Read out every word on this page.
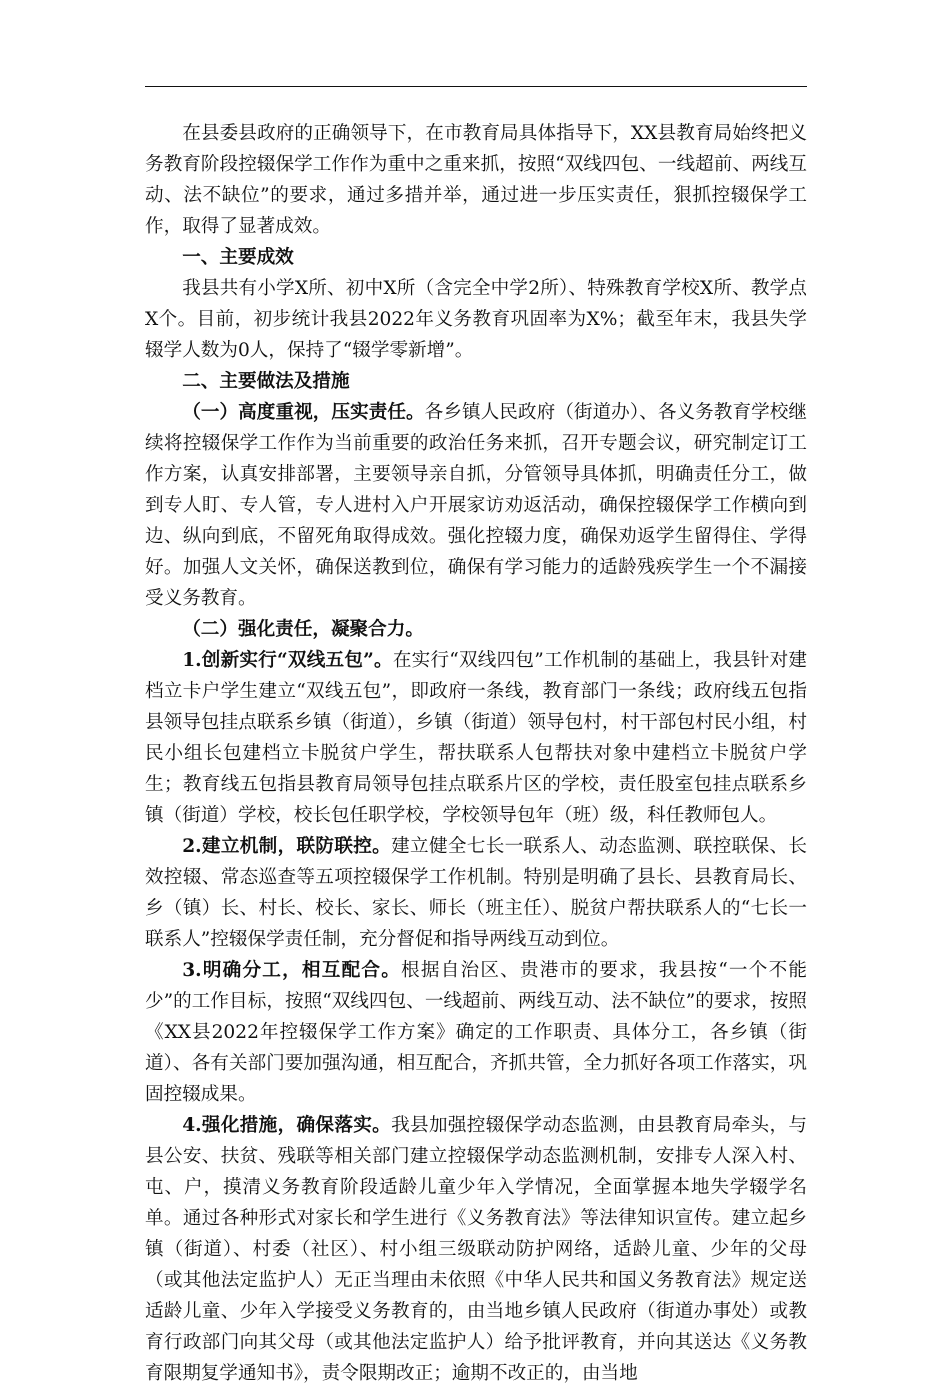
在县委县政府的正确领导下，在市教育局具体指导下，XX县教育局始终把义务教育阶段控辍保学工作作为重中之重来抓，按照“双线四包、一线超前、两线互动、法不缺位”的要求，通过多措并举，通过进一步压实责任，狠抓控辍保学工作，取得了显著成效。

一、主要成效

我县共有小学X所、初中X所（含完全中学2所）、特殊教育学校X所、教学点X个。目前，初步统计我县2022年义务教育巩固率为X%；截至年末，我县失学辍学人数为0人，保持了“辍学零新增”。

二、主要做法及措施

（一）高度重视，压实责任。各乡镇人民政府（街道办）、各义务教育学校继续将控辍保学工作作为当前重要的政治任务来抓，召开专题会议，研究制定订工作方案，认真安排部署，主要领导亲自抓，分管领导具体抓，明确责任分工，做到专人盯、专人管，专人进村入户开展家访劝返活动，确保控辍保学工作横向到边、纵向到底，不留死角取得成效。强化控辍力度，确保劝返学生留得住、学得好。加强人文关怀，确保送教到位，确保有学习能力的适龄残疾学生一个不漏接受义务教育。

（二）强化责任，凝聚合力。

1.创新实行“双线五包”。在实行“双线四包”工作机制的基础上，我县针对建档立卡户学生建立“双线五包”，即政府一条线，教育部门一条线；政府线五包指县领导包挂点联系乡镇（街道），乡镇（街道）领导包村，村干部包村民小组，村民小组长包建档立卡脱贫户学生，帮扶联系人包帮扶对象中建档立卡脱贫户学生；教育线五包指县教育局领导包挂点联系片区的学校，责任股室包挂点联系乡镇（街道）学校，校长包任职学校，学校领导包年（班）级，科任教师包人。

2.建立机制，联防联控。建立健全七长一联系人、动态监测、联控联保、长效控辍、常态巡查等五项控辍保学工作机制。特别是明确了县长、县教育局长、乡（镇）长、村长、校长、家长、师长（班主任）、脱贫户帮扶联系人的“七长一联系人”控辍保学责任制，充分督促和指导两线互动到位。

3.明确分工，相互配合。根据自治区、贵港市的要求，我县按“一个不能少”的工作目标，按照“双线四包、一线超前、两线互动、法不缺位”的要求，按照《XX县2022年控辍保学工作方案》确定的工作职责、具体分工，各乡镇（街道）、各有关部门要加强沟通，相互配合，齐抓共管，全力抓好各项工作落实，巩固控辍成果。

4.强化措施，确保落实。我县加强控辍保学动态监测，由县教育局牵头，与县公安、扶贫、残联等相关部门建立控辍保学动态监测机制，安排专人深入村、屯、户，摸清义务教育阶段适龄儿童少年入学情况，全面掌握本地失学辍学名单。通过各种形式对家长和学生进行《义务教育法》等法律知识宣传。建立起乡镇（街道）、村委（社区）、村小组三级联动防护网络，适龄儿童、少年的父母（或其他法定监护人）无正当理由未依照《中华人民共和国义务教育法》规定送适龄儿童、少年入学接受义务教育的，由当地乡镇人民政府（街道办事处）或教育行政部门向其父母（或其他法定监护人）给予批评教育，并向其送达《义务教育限期复学通知书》，责令限期改正；逾期不改正的，由当地
